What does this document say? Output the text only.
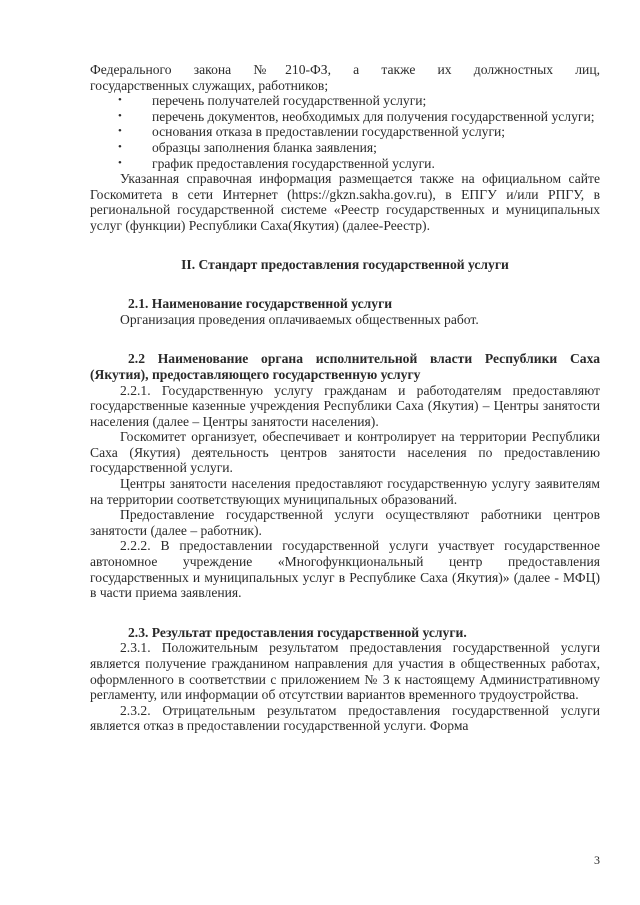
Федерального закона №210-ФЗ, а также их должностных лиц,

государственных служащих, работников;

• перечень получателей государственной услуги;
• перечень документов, необходимых для получения государственной услуги;
• основания отказа в предоставлении государственной услуги;
• образцы заполнения бланка заявления;
• график предоставления государственной услуги.

Указанная справочная информация размещается также на официальном сайте Госкомитета в сети Интернет (https://gkzn.sakha.gov.ru), в ЕПГУ и/или РПГУ, в региональной государственной системе «Реестр государственных и муниципальных услуг (функции) Республики Саха(Якутия) (далее-Реестр).

II. Стандарт предоставления государственной услуги

2.1. Наименование государственной услуги

Организация проведения оплачиваемых общественных работ.

2.2 Наименование органа исполнительной власти Республики Саха (Якутия), предоставляющего государственную услугу

2.2.1. Государственную услугу гражданам и работодателям предоставляют государственные казенные учреждения Республики Саха (Якутия) – Центры занятости населения (далее – Центры занятости населения).

Госкомитет организует, обеспечивает и контролирует на территории Республики Саха (Якутия) деятельность центров занятости населения по предоставлению государственной услуги.

Центры занятости населения предоставляют государственную услугу заявителям на территории соответствующих муниципальных образований.

Предоставление государственной услуги осуществляют работники центров занятости (далее – работник).

2.2.2. В предоставлении государственной услуги участвует государственное автономное учреждение «Многофункциональный центр предоставления государственных и муниципальных услуг в Республике Саха (Якутия)» (далее - МФЦ) в части приема заявления.

2.3. Результат предоставления государственной услуги.

2.3.1. Положительным результатом предоставления государственной услуги является получение гражданином направления для участия в общественных работах, оформленного в соответствии с приложением № 3 к настоящему Административному регламенту, или информации об отсутствии вариантов временного трудоустройства.

2.3.2. Отрицательным результатом предоставления государственной услуги является отказ в предоставлении государственной услуги. Форма

3
